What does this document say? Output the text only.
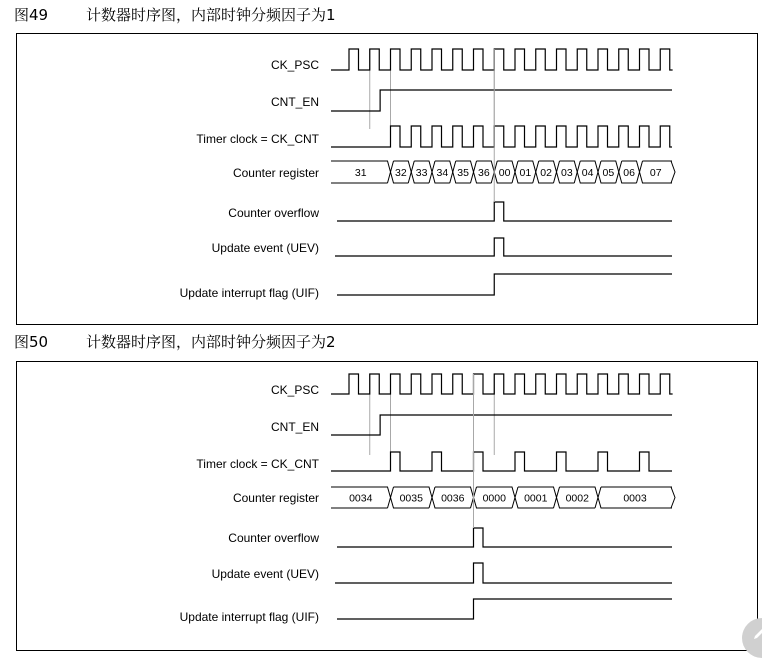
图49	计数器时序图，内部时钟分频因子为1
CK_PSC
CNT_EN
Timer clock = CK_CNT
Counter register
Counter overflow
Update event (UEV)
Update interrupt flag (UIF)
31	32 33 34 35 36 00 01 02 03 04 05 06 07
图50	计数器时序图，内部时钟分频因子为2
CK_PSC
CNT_EN
Timer clock = CK_CNT
Counter register
Counter overflow
Update event (UEV)
Update interrupt flag (UIF)
0034	0035 0036 0000 0001 0002	0003
